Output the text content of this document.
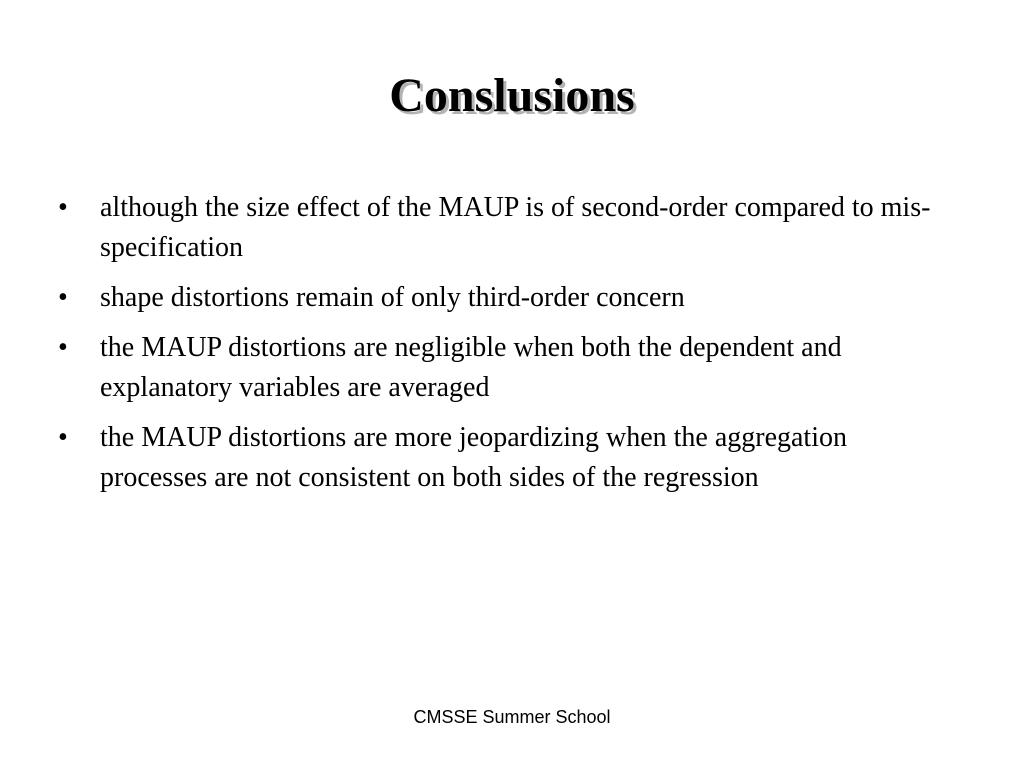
Conslusions
•	although the size effect of the MAUP is of second-order compared to mis-specification
•	shape distortions remain of only third-order concern
•	the MAUP distortions are negligible when both the dependent and explanatory variables are averaged
•	the MAUP distortions are more jeopardizing when the aggregation processes are not consistent on both sides of the regression
CMSSE Summer School
